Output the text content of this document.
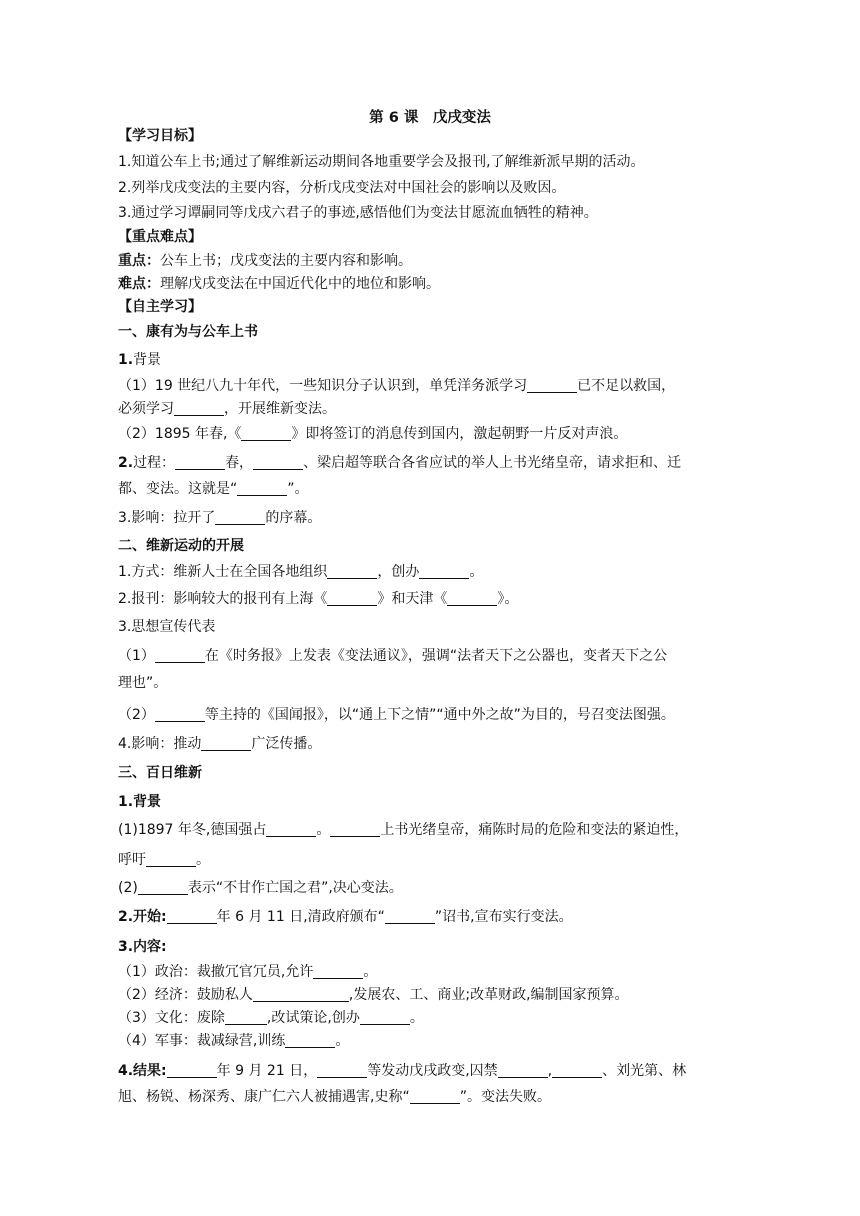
第 6 课　戊戌变法
【学习目标】
1.知道公车上书;通过了解维新运动期间各地重要学会及报刊,了解维新派早期的活动。
2.列举戊戌变法的主要内容，分析戊戌变法对中国社会的影响以及败因。
3.通过学习谭嗣同等戊戌六君子的事迹,感悟他们为变法甘愿流血牺牲的精神。
【重点难点】
重点：公车上书；戊戌变法的主要内容和影响。
难点：理解戊戌变法在中国近代化中的地位和影响。
【自主学习】
一、康有为与公车上书
1.背景
（1）19 世纪八九十年代，一些知识分子认识到，单凭洋务派学习	已不足以救国，
必须学习	，开展维新变法。
（2）1895 年春,《	》即将签订的消息传到国内，激起朝野一片反对声浪。
2.过程：	春，	、梁启超等联合各省应试的举人上书光绪皇帝，请求拒和、迁
都、变法。这就是“	”。
3.影响：拉开了	的序幕。
二、维新运动的开展
1.方式：维新人士在全国各地组织	，创办	。
2.报刊：影响较大的报刊有上海《	》和天津《	》。
3.思想宣传代表
（1）	在《时务报》上发表《变法通议》，强调“法者天下之公器也，变者天下之公
理也”。
（2）	等主持的《国闻报》，以“通上下之情”“通中外之故”为目的，号召变法图强。
4.影响：推动	广泛传播。
三、百日维新
1.背景
(1)1897 年冬,德国强占	。	上书光绪皇帝，痛陈时局的危险和变法的紧迫性，
呼吁	。
(2)	表示“不甘作亡国之君”,决心变法。
2.开始:	年 6 月 11 日,清政府颁布“	”诏书,宣布实行变法。
3.内容:
（1）政治：裁撤冗官冗员,允许	。
（2）经济：鼓励私人	,发展农、工、商业;改革财政,编制国家预算。
（3）文化：废除	,改试策论,创办	。
（4）军事：裁减绿营,训练	。
4.结果:	年 9 月 21 日，	等发动戊戌政变,囚禁	,	、刘光第、林
旭、杨锐、杨深秀、康广仁六人被捕遇害,史称“	”。变法失败。
